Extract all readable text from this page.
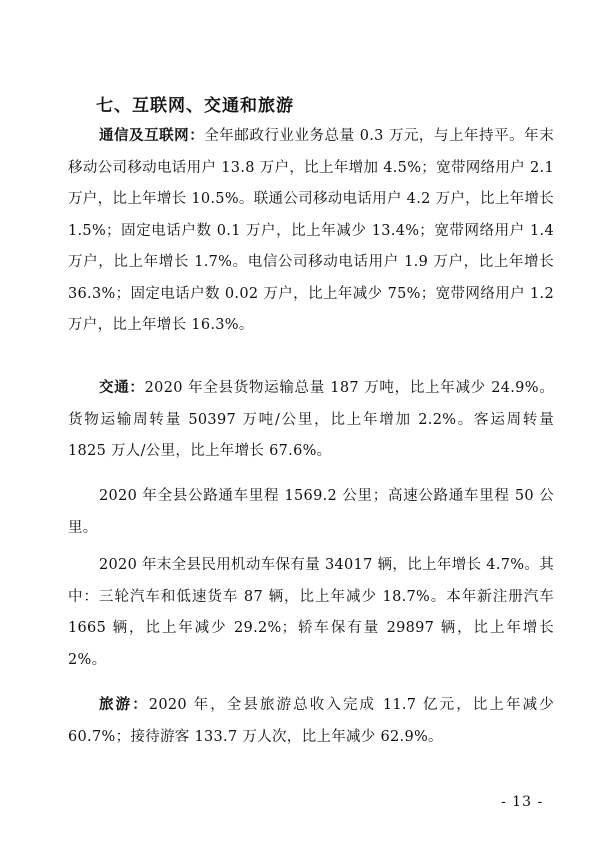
七、互联网、交通和旅游

通信及互联网：全年邮政行业业务总量 0.3 万元，与上年持平。年末移动公司移动电话用户 13.8 万户，比上年增加 4.5%；宽带网络用户 2.1 万户，比上年增长 10.5%。联通公司移动电话用户 4.2 万户，比上年增长 1.5%；固定电话户数 0.1 万户，比上年减少 13.4%；宽带网络用户 1.4 万户，比上年增长 1.7%。电信公司移动电话用户 1.9 万户，比上年增长 36.3%；固定电话户数 0.02 万户，比上年减少 75%；宽带网络用户 1.2 万户，比上年增长 16.3%。

交通：2020 年全县货物运输总量 187 万吨，比上年减少 24.9%。货物运输周转量 50397 万吨/公里，比上年增加 2.2%。客运周转量 1825 万人/公里，比上年增长 67.6%。

2020 年全县公路通车里程 1569.2 公里；高速公路通车里程 50 公里。

2020 年末全县民用机动车保有量 34017 辆，比上年增长 4.7%。其中：三轮汽车和低速货车 87 辆，比上年减少 18.7%。本年新注册汽车 1665 辆，比上年减少 29.2%；轿车保有量 29897 辆，比上年增长 2%。

旅游：2020 年，全县旅游总收入完成 11.7 亿元，比上年减少 60.7%；接待游客 133.7 万人次，比上年减少 62.9%。

- 13 -
